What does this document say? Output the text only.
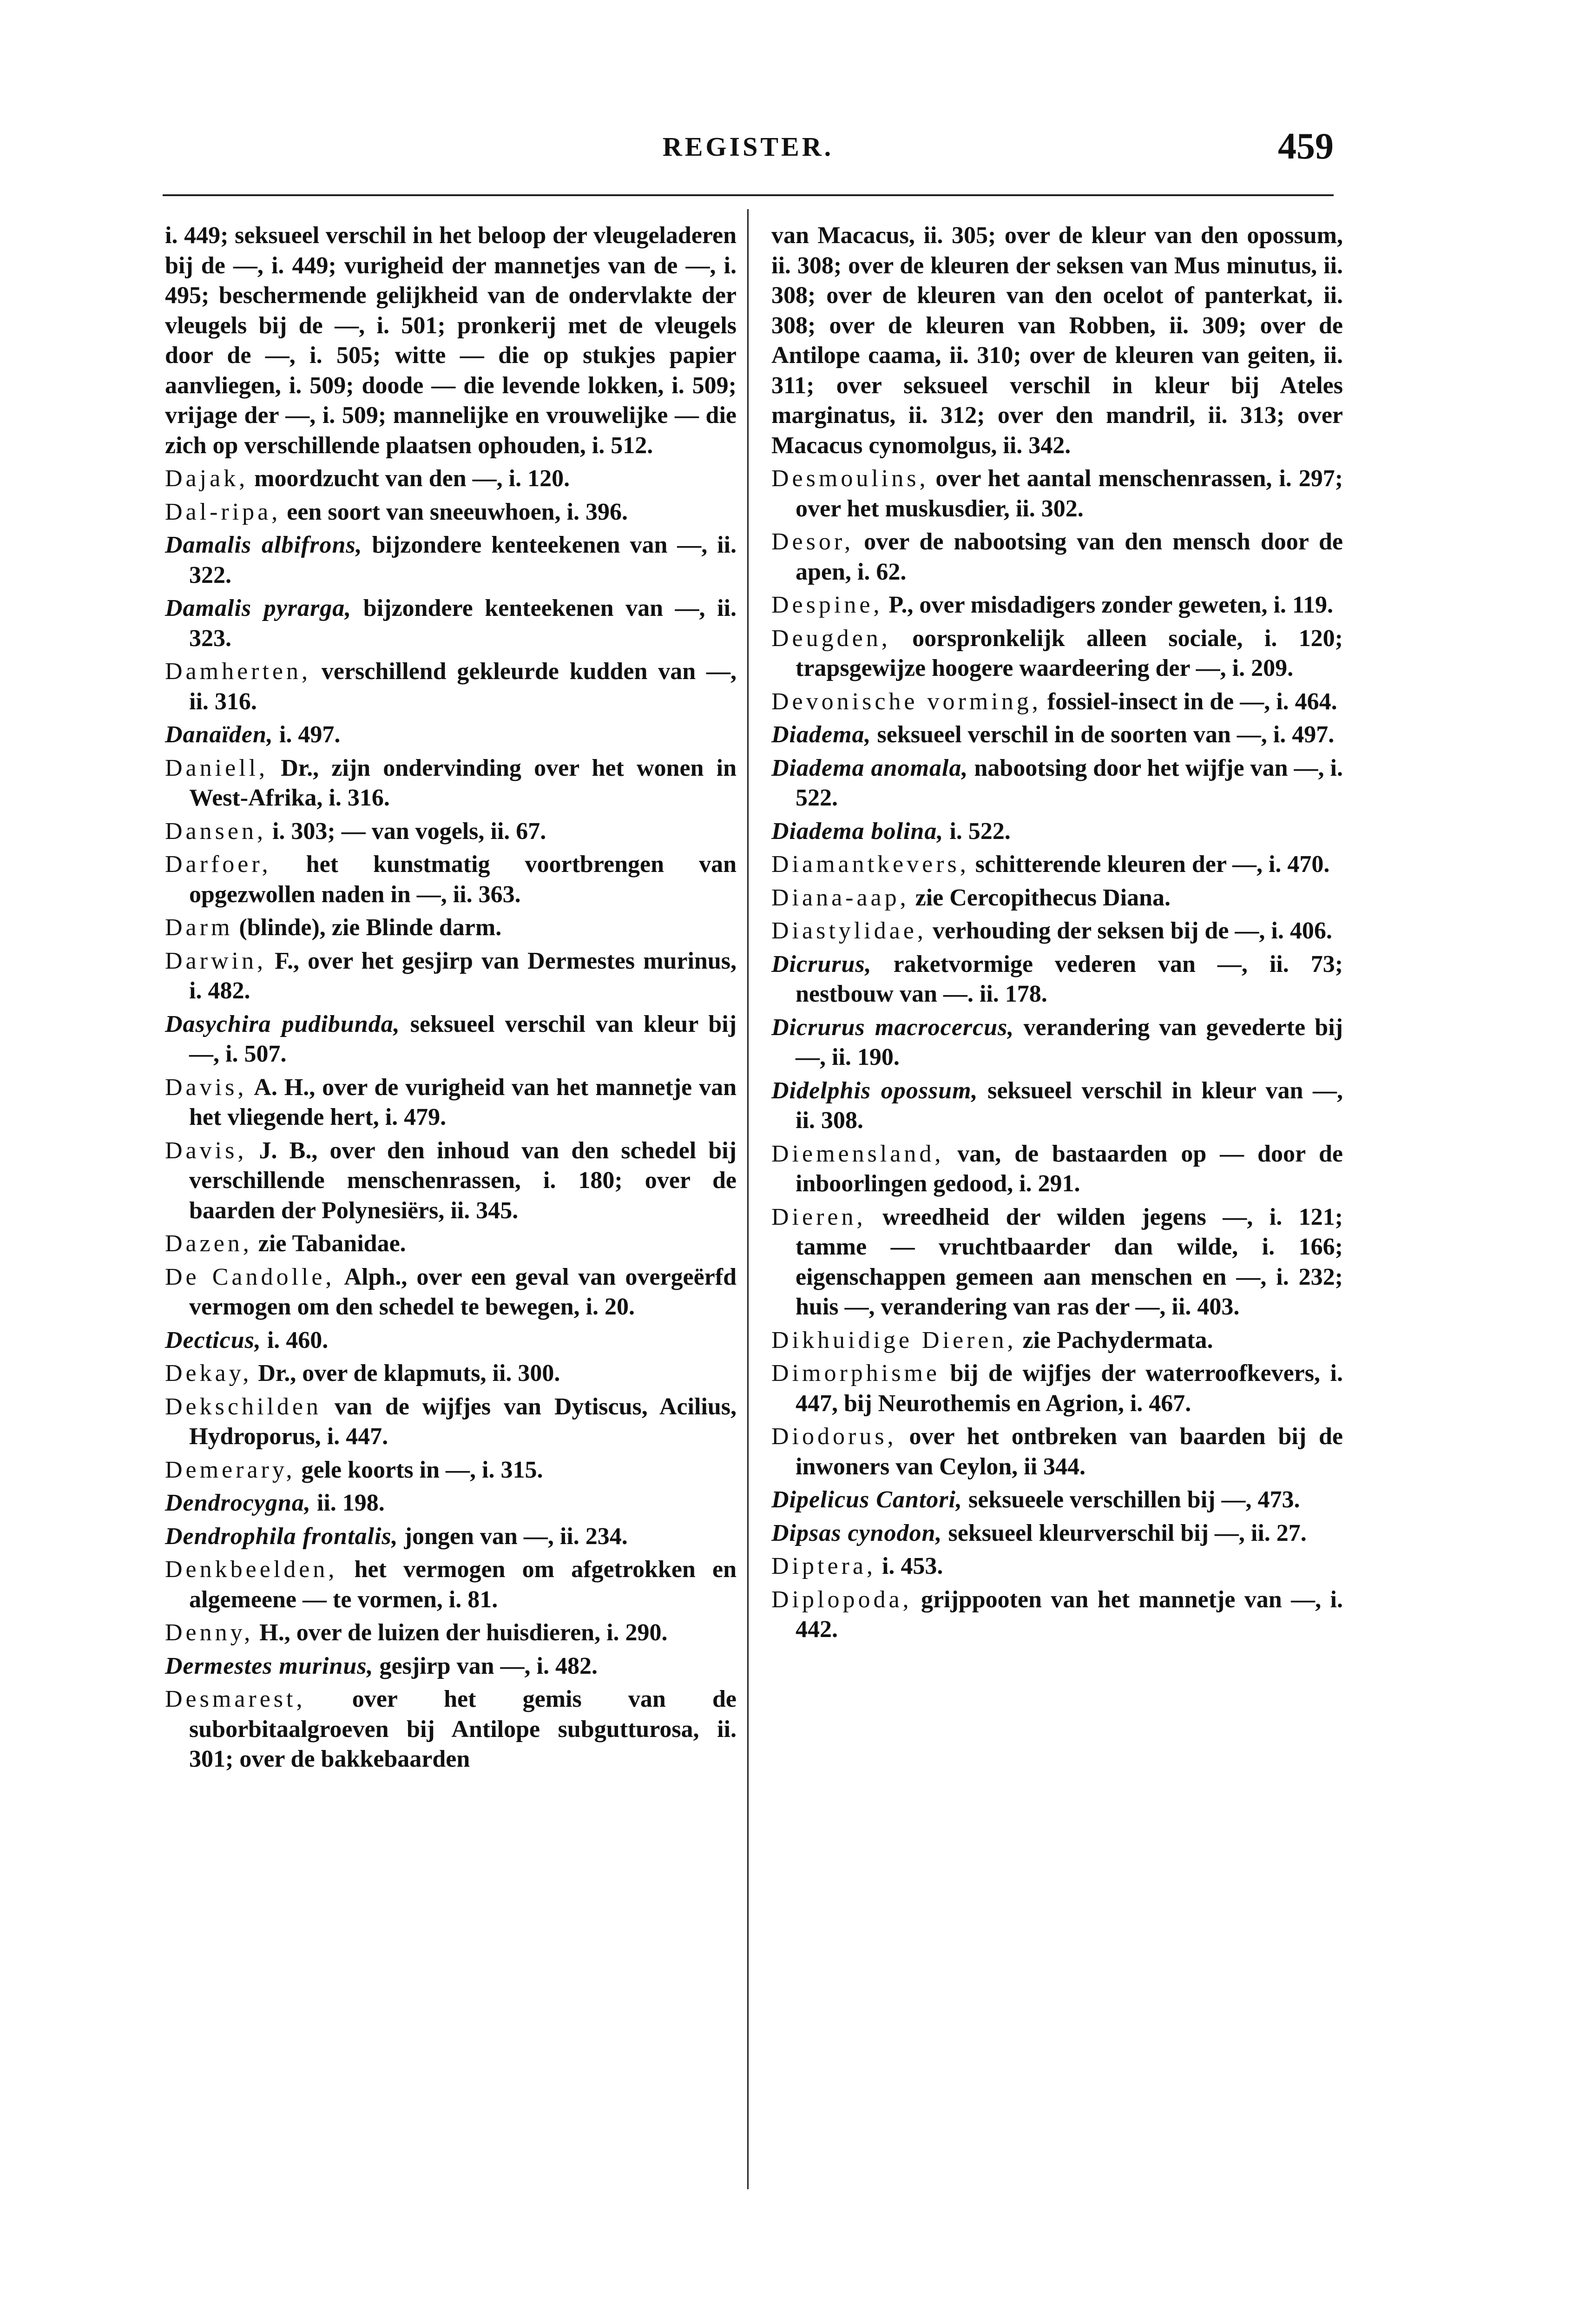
REGISTER.	459
i. 449; seksueel verschil in het beloop der vleugeladeren bij de —, i. 449; vurigheid der mannetjes van de —, i. 495; beschermende gelijkheid van de ondervlakte der vleugels bij de —, i. 501; pronkerij met de vleugels door de —, i. 505; witte — die op stukjes papier aanvliegen, i. 509; doode — die levende lokken, i. 509; vrijage der —, i. 509; mannelijke en vrouwelijke — die zich op verschillende plaatsen ophouden, i. 512.
Dajak, moordzucht van den —, i. 120.
Dal-ripa, een soort van sneeuwhoen, i. 396.
Damalis albifrons, bijzondere kenteekenen van —, ii. 322.
Damalis pyrarga, bijzondere kenteekenen van —, ii. 323.
Damherten, verschillend gekleurde kudden van —, ii. 316.
Danaïden, i. 497.
Daniell, Dr., zijn ondervinding over het wonen in West-Afrika, i. 316.
Dansen, i. 303; — van vogels, ii. 67.
Darfoer, het kunstmatig voortbrengen van opgezwollen naden in —, ii. 363.
Darm (blinde), zie Blinde darm.
Darwin, F., over het gesjirp van Dermestes murinus, i. 482.
Dasychira pudibunda, seksueel verschil van kleur bij —, i. 507.
Davis, A. H., over de vurigheid van het mannetje van het vliegende hert, i. 479.
Davis, J. B., over den inhoud van den schedel bij verschillende menschenrassen, i. 180; over de baarden der Polynesiërs, ii. 345.
Dazen, zie Tabanidae.
De Candolle, Alph., over een geval van overgeërfd vermogen om den schedel te bewegen, i. 20.
Decticus, i. 460.
Dekay, Dr., over de klapmuts, ii. 300.
Dekschilden van de wijfjes van Dytiscus, Acilius, Hydroporus, i. 447.
Demerary, gele koorts in —, i. 315.
Dendrocygna, ii. 198.
Dendrophila frontalis, jongen van —, ii. 234.
Denkbeelden, het vermogen om afgetrokken en algemeene — te vormen, i. 81.
Denny, H., over de luizen der huisdieren, i. 290.
Dermestes murinus, gesjirp van —, i. 482.
Desmarest, over het gemis van de suborbitaalgroeven bij Antilope subgutturosa, ii. 301; over de bakkebaarden
van Macacus, ii. 305; over de kleur van den opossum, ii. 308; over de kleuren der seksen van Mus minutus, ii. 308; over de kleuren van den ocelot of panterkat, ii. 308; over de kleuren van Robben, ii. 309; over de Antilope caama, ii. 310; over de kleuren van geiten, ii. 311; over seksueel verschil in kleur bij Ateles marginatus, ii. 312; over den mandril, ii. 313; over Macacus cynomolgus, ii. 342.
Desmoulins, over het aantal menschenrassen, i. 297; over het muskusdier, ii. 302.
Desor, over de nabootsing van den mensch door de apen, i. 62.
Despine, P., over misdadigers zonder geweten, i. 119.
Deugden, oorspronkelijk alleen sociale, i. 120; trapsgewijze hoogere waardeering der —, i. 209.
Devonische vorming, fossiel-insect in de —, i. 464.
Diadema, seksueel verschil in de soorten van —, i. 497.
Diadema anomala, nabootsing door het wijfje van —, i. 522.
Diadema bolina, i. 522.
Diamantkevers, schitterende kleuren der —, i. 470.
Diana-aap, zie Cercopithecus Diana.
Diastylidae, verhouding der seksen bij de —, i. 406.
Dicrurus, raketvormige vederen van —, ii. 73; nestbouw van —. ii. 178.
Dicrurus macrocercus, verandering van gevederte bij —, ii. 190.
Didelphis opossum, seksueel verschil in kleur van —, ii. 308.
Diemensland, van, de bastaarden op — door de inboorlingen gedood, i. 291.
Dieren, wreedheid der wilden jegens —, i. 121; tamme — vruchtbaarder dan wilde, i. 166; eigenschappen gemeen aan menschen en —, i. 232; huis —, verandering van ras der —, ii. 403.
Dikhuidige Dieren, zie Pachydermata.
Dimorphisme bij de wijfjes der waterroofkevers, i. 447, bij Neurothemis en Agrion, i. 467.
Diodorus, over het ontbreken van baarden bij de inwoners van Ceylon, ii 344.
Dipelicus Cantori, seksueele verschillen bij —, 473.
Dipsas cynodon, seksueel kleurverschil bij —, ii. 27.
Diptera, i. 453.
Diplopoda, grijppooten van het mannetje van —, i. 442.
